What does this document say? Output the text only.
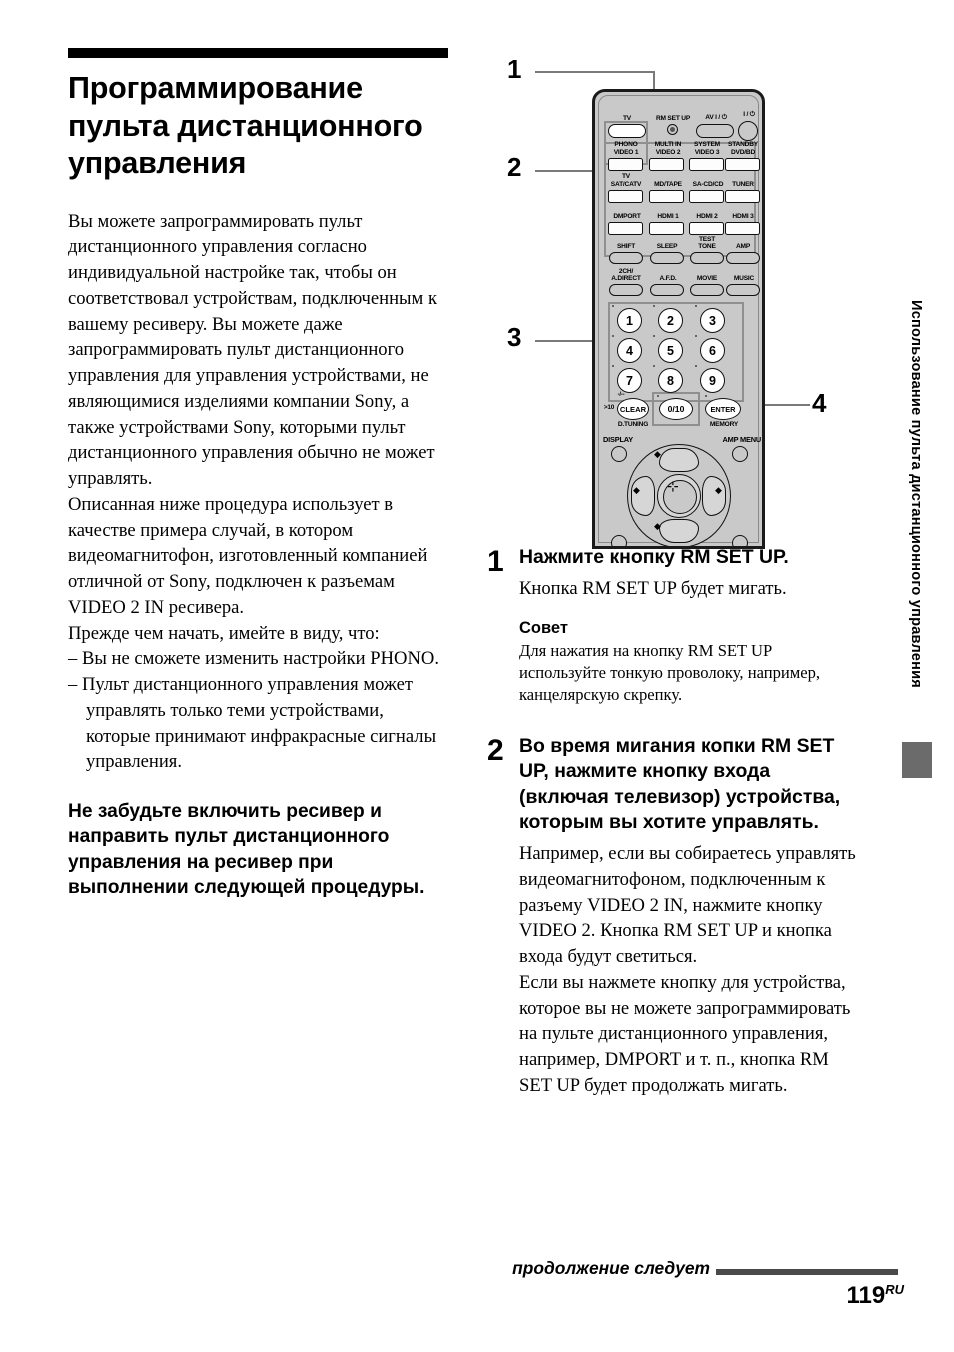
Программирование пульта дистанционного управления

Вы можете запрограммировать пульт дистанционного управления согласно индивидуальной настройке так, чтобы он соответствовал устройствам, подключенным к вашему ресиверу. Вы можете даже запрограммировать пульт дистанционного управления для управления устройствами, не являющимися изделиями компании Sony, а также устройствами Sony, которыми пульт дистанционного управления обычно не может управлять.

Описанная ниже процедура использует в качестве примера случай, в котором видеомагнитофон, изготовленный компанией отличной от Sony, подключен к разъемам VIDEO 2 IN ресивера.

Прежде чем начать, имейте в виду, что:

– Вы не сможете изменить настройки PHONO.

– Пульт дистанционного управления может управлять только теми устройствами, которые принимают инфракрасные сигналы управления.

Не забудьте включить ресивер и направить пульт дистанционного управления на ресивер при выполнении следующей процедуры.

1
2
3
4
TV	RM SET UP	AV I / ⏻	I / ⏻
PHONO
VIDEO 1
MULTI IN
VIDEO 2
SYSTEM
VIDEO 3
STANDBY
DVD/BD
TV
SAT/CATV	MD/TAPE	SA-CD/CD	TUNER
DMPORT	HDMI 1	HDMI 2	HDMI 3
SHIFT	SLEEP
TEST
TONE	AMP
2CH/
A.DIRECT	A.F.D.	MOVIE	MUSIC
1	2	3
4	5	6
7	8	9
-/--
>10 CLEAR
D.TUNING
0/10	ENTER
MEMORY
DISPLAY	AMP MENU
◆
◆
◆	◆
⊹
1 Нажмите кнопку RM SET UP.

Кнопка RM SET UP будет мигать.

Совет

Для нажатия на кнопку RM SET UP используйте тонкую проволоку, например, канцелярскую скрепку.

2 Во время мигания копки RM SET UP, нажмите кнопку входа (включая телевизор) устройства, которым вы хотите управлять.

Например, если вы собираетесь управлять видеомагнитофоном, подключенным к разъему VIDEO 2 IN, нажмите кнопку VIDEO 2. Кнопка RM SET UP и кнопка входа будут светиться.

Если вы нажмете кнопку для устройства, которое вы не можете запрограммировать на пульте дистанционного управления, например, DMPORT и т. п., кнопка RM SET UP будет продолжать мигать.

Использование пульта дистанционного управления
продолжение следует
$119^{RU}$
